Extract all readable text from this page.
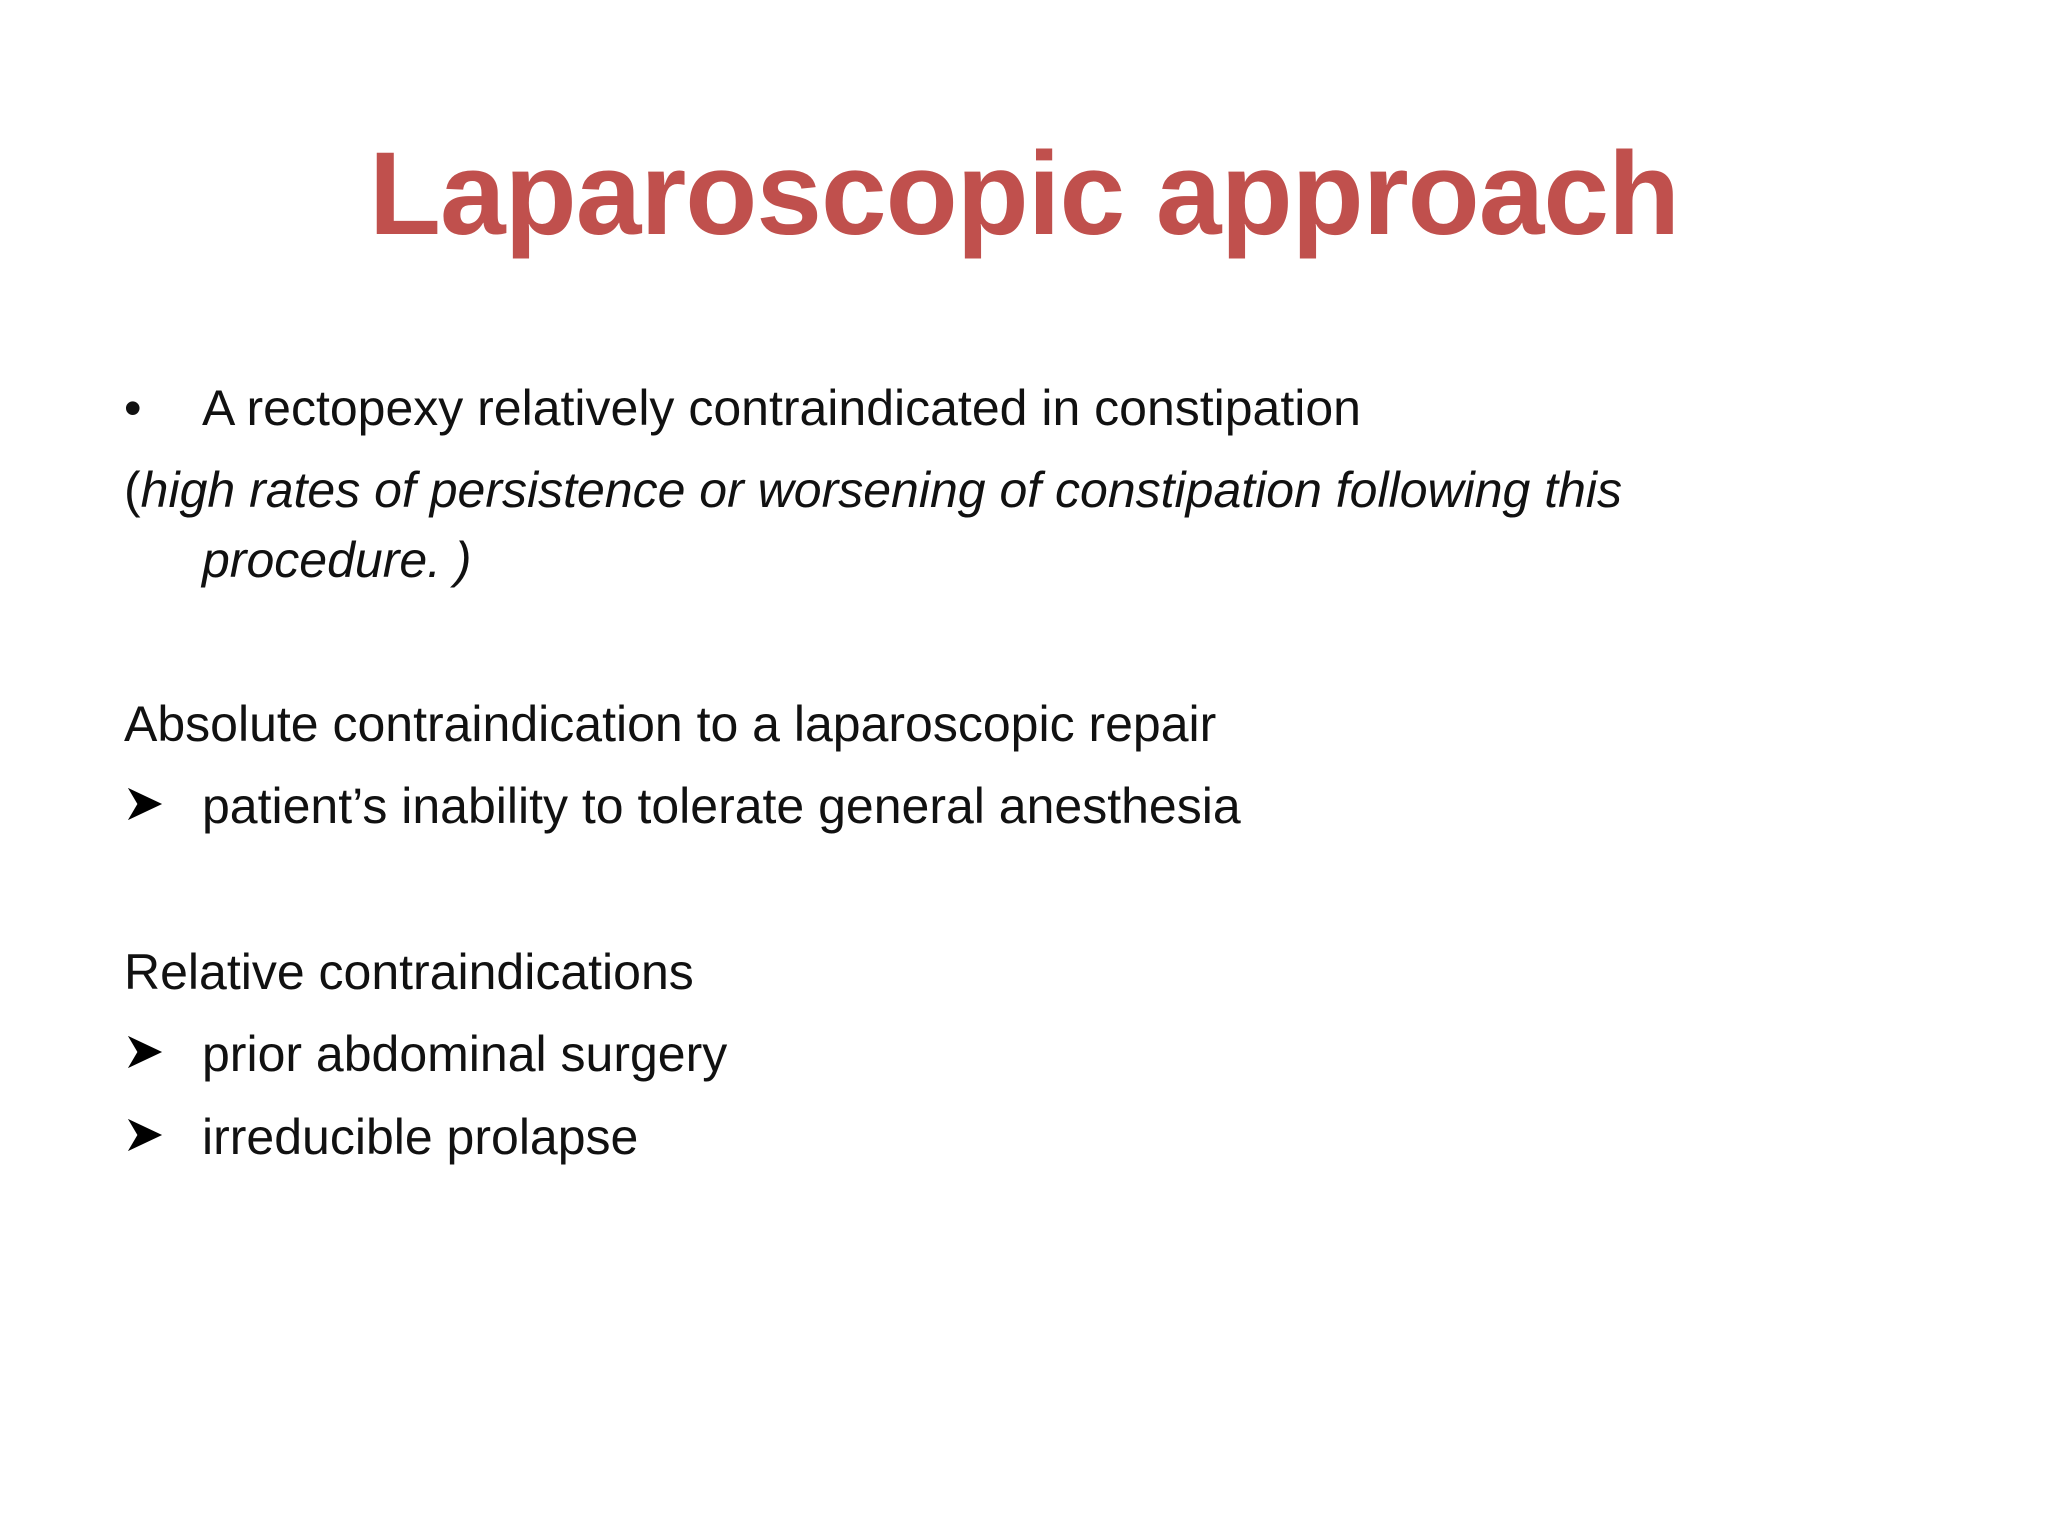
Laparoscopic approach
• A rectopexy relatively contraindicated in constipation
(high rates of persistence or worsening of constipation following this
procedure. )
Absolute contraindication to a laparoscopic repair
patient’s inability to tolerate general anesthesia
Relative contraindications
prior abdominal surgery
irreducible prolapse
